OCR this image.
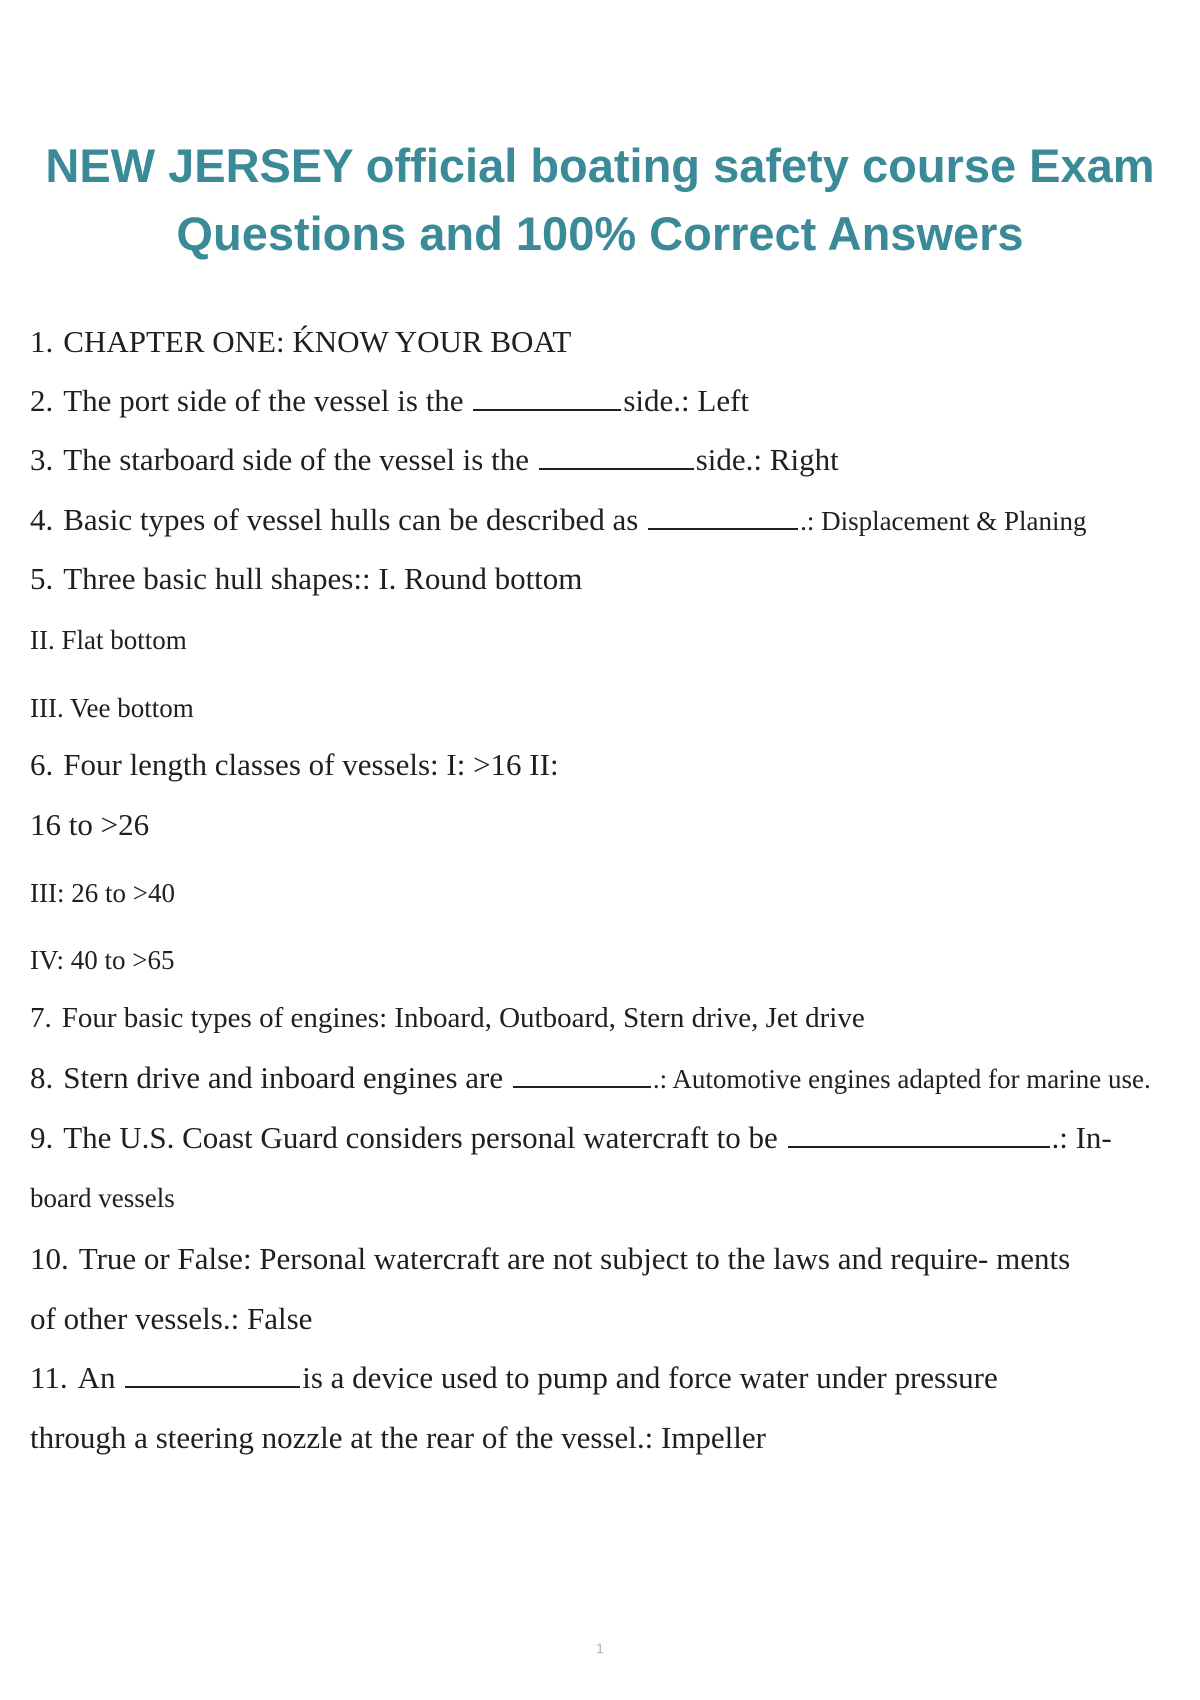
NEW JERSEY official boating safety course Exam Questions and 100% Correct Answers

1. CHAPTER ONE: ḰNOW YOUR BOAT

2. The port side of the vessel is the	side.: Left

3. The starboard side of the vessel is the	side.: Right

4. Basic types of vessel hulls can be described as	.: Displacement & Planing

5. Three basic hull shapes:: I. Round bottom

II. Flat bottom

III. Vee bottom

6. Four length classes of vessels: I: >16 II:

16 to >26

III: 26 to >40

IV: 40 to >65

7. Four basic types of engines: Inboard, Outboard, Stern drive, Jet drive

8. Stern drive and inboard engines are	.: Automotive engines adapted for marine use.

9. The U.S. Coast Guard considers personal watercraft to be	.: In-

board vessels

10. True or False: Personal watercraft are not subject to the laws and require- ments

of other vessels.: False

11. An	is a device used to pump and force water under pressure

through a steering nozzle at the rear of the vessel.: Impeller

1
